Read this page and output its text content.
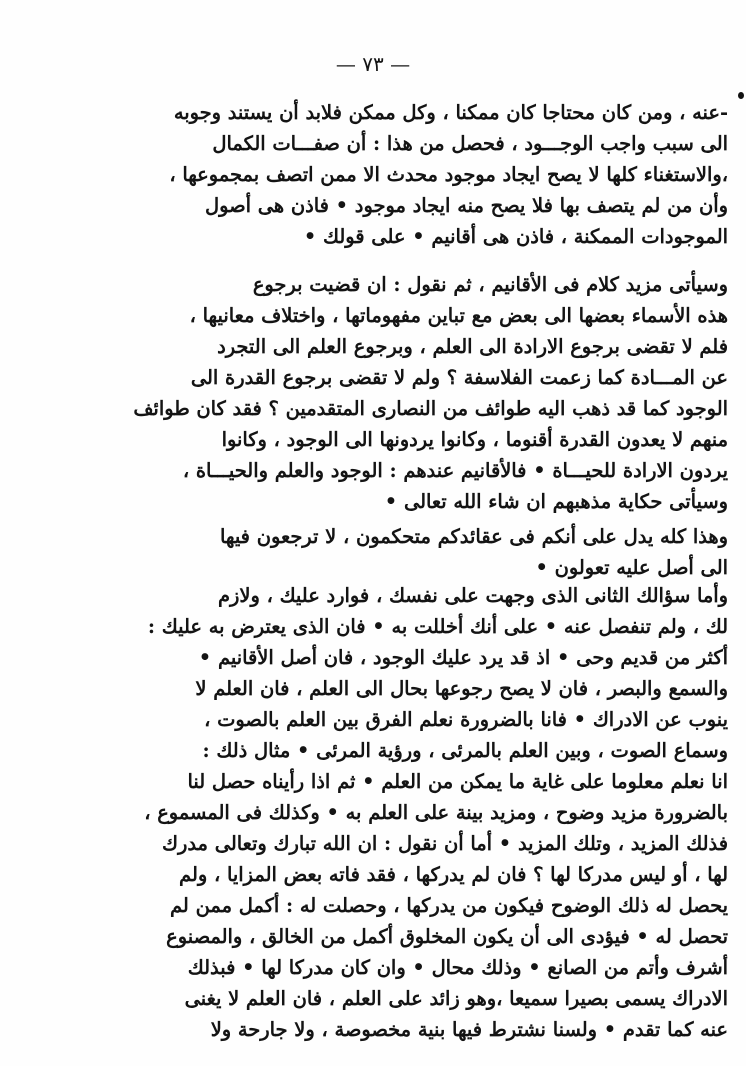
— ٧٣ —
-عنه ، ومن كان محتاجا كان ممكنا ، وكل ممكن فلابد أن يستند وجوبه
الى سبب واجب الوجـــود ، فحصل من هذا : أن صفـــات الكمال
،والاستغناء كلها لا يصح ايجاد موجود محدث الا ممن اتصف بمجموعها ،
وأن من لم يتصف بها فلا يصح منه ايجاد موجود • فاذن هى أصول
الموجودات الممكنة ، فاذن هى أقانيم • على قولك •
وسيأتى مزيد كلام فى الأقانيم ، ثم نقول : ان قضيت برجوع
هذه الأسماء بعضها الى بعض مع تباين مفهوماتها ، واختلاف معانيها ،
فلم لا تقضى برجوع الارادة الى العلم ، وبرجوع العلم الى التجرد
عن المـــادة كما زعمت الفلاسفة ؟ ولم لا تقضى برجوع القدرة الى
الوجود كما قد ذهب اليه طوائف من النصارى المتقدمين ؟ فقد كان طوائف
منهم لا يعدون القدرة أقنوما ، وكانوا يردونها الى الوجود ، وكانوا
يردون الارادة للحيـــاة • فالأقانيم عندهم : الوجود والعلم والحيـــاة ،
وسيأتى حكاية مذهبهم ان شاء الله تعالى •
وهذا كله يدل على أنكم فى عقائدكم متحكمون ، لا ترجعون فيها
الى أصل عليه تعولون •
وأما سؤالك الثانى الذى وجهت على نفسك ، فوارد عليك ، ولازم
لك ، ولم تنفصل عنه • على أنك أخللت به • فان الذى يعترض به عليك :
أكثر من قديم وحى • اذ قد يرد عليك الوجود ، فان أصل الأقانيم •
والسمع والبصر ، فان لا يصح رجوعها بحال الى العلم ، فان العلم لا
ينوب عن الادراك • فانا بالضرورة نعلم الفرق بين العلم بالصوت ،
وسماع الصوت ، وبين العلم بالمرئى ، ورؤية المرئى • مثال ذلك :
انا نعلم معلوما على غاية ما يمكن من العلم • ثم اذا رأيناه حصل لنا
بالضرورة مزيد وضوح ، ومزيد بينة على العلم به • وكذلك فى المسموع ،
فذلك المزيد ، وتلك المزيد • أما أن نقول : ان الله تبارك وتعالى مدرك
لها ، أو ليس مدركا لها ؟ فان لم يدركها ، فقد فاته بعض المزايا ، ولم
يحصل له ذلك الوضوح فيكون من يدركها ، وحصلت له : أكمل ممن لم
تحصل له • فيؤدى الى أن يكون المخلوق أكمل من الخالق ، والمصنوع
أشرف وأتم من الصانع • وذلك محال • وان كان مدركا لها • فبذلك
الادراك يسمى بصيرا سميعا ،وهو زائد على العلم ، فان العلم لا يغنى
عنه كما تقدم • ولسنا نشترط فيها بنية مخصوصة ، ولا جارحة ولا
